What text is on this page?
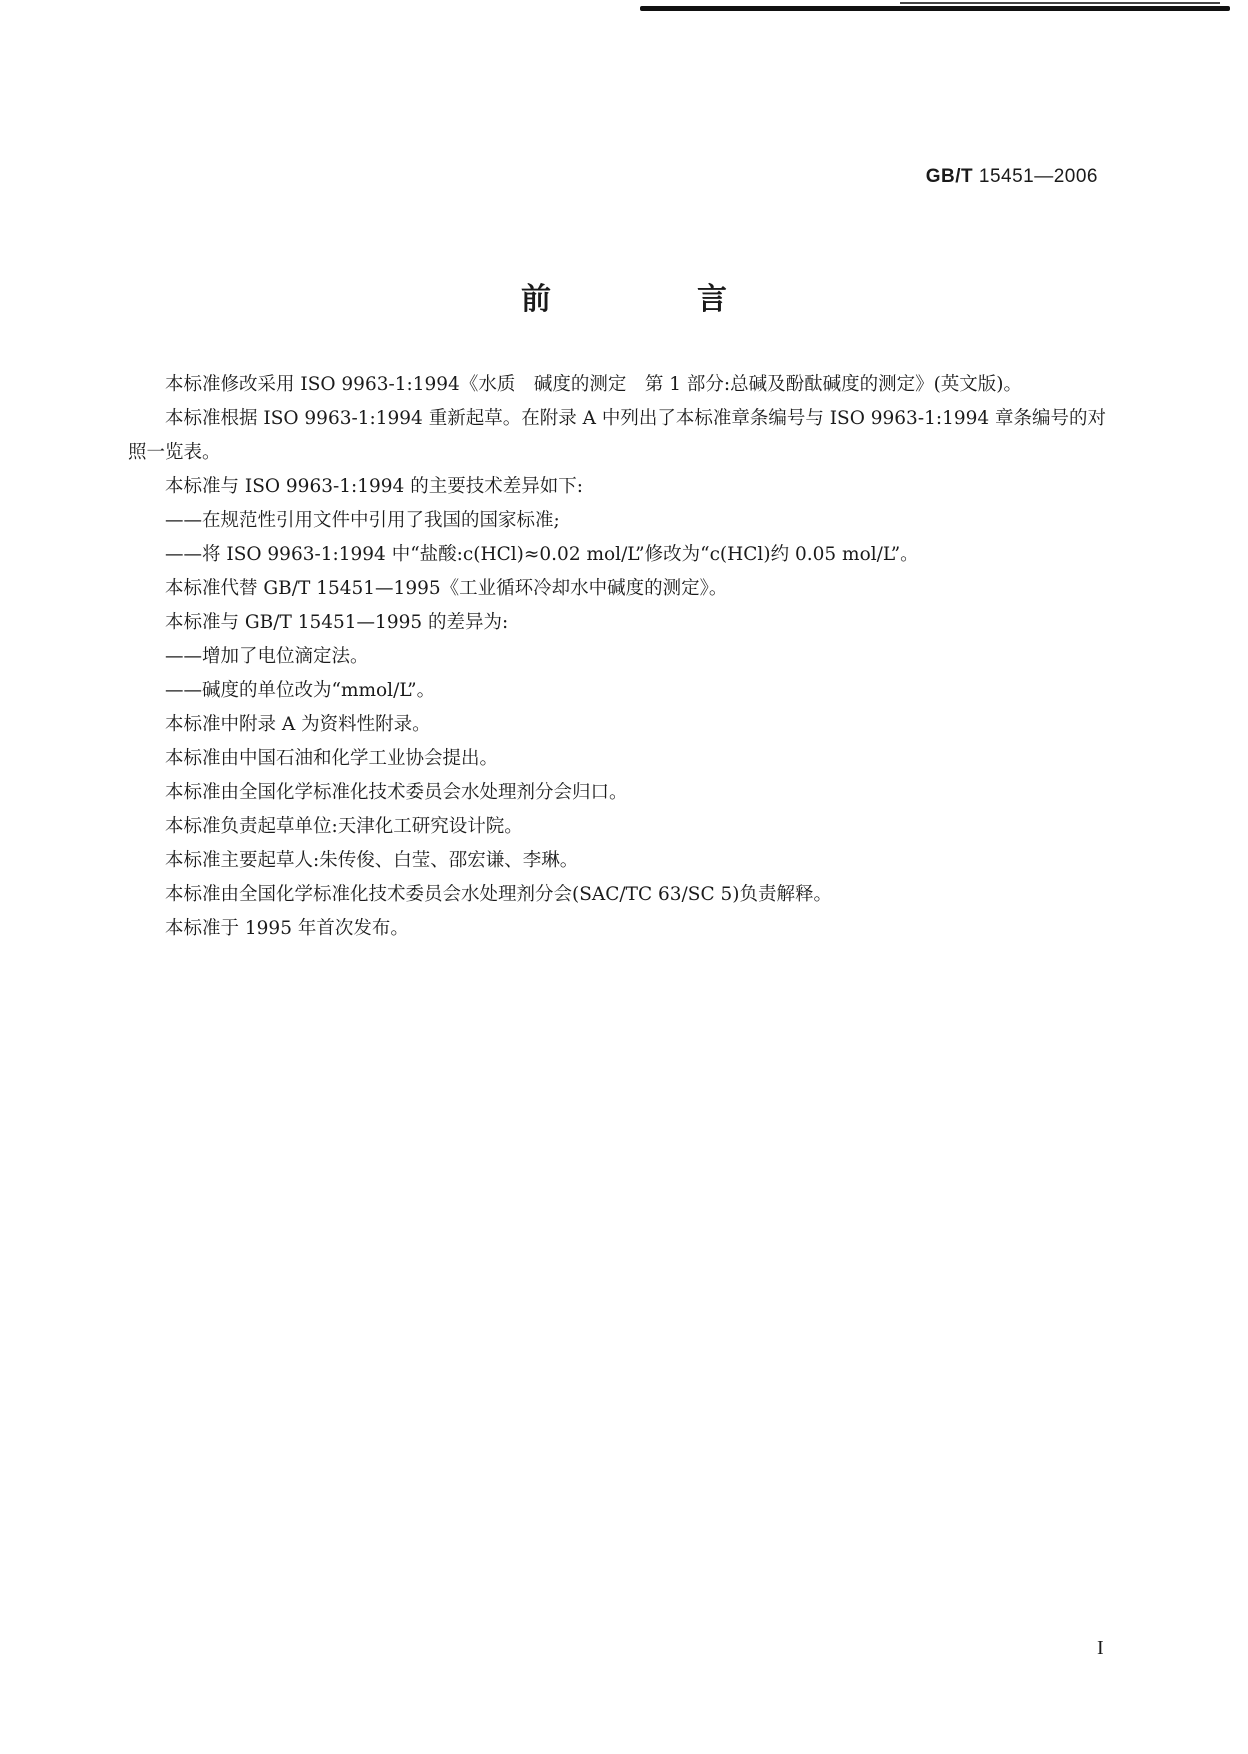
GB/T 15451—2006
前　言

本标准修改采用 ISO 9963-1:1994《水质　碱度的测定　第 1 部分:总碱及酚酞碱度的测定》(英文版)。

本标准根据 ISO 9963-1:1994 重新起草。在附录 A 中列出了本标准章条编号与 ISO 9963-1:1994 章条编号的对照一览表。

本标准与 ISO 9963-1:1994 的主要技术差异如下:

——在规范性引用文件中引用了我国的国家标准;

——将 ISO 9963-1:1994 中“盐酸:c(HCl)≈0.02 mol/L”修改为“c(HCl)约 0.05 mol/L”。

本标准代替 GB/T 15451—1995《工业循环冷却水中碱度的测定》。

本标准与 GB/T 15451—1995 的差异为:

——增加了电位滴定法。

——碱度的单位改为“mmol/L”。

本标准中附录 A 为资料性附录。

本标准由中国石油和化学工业协会提出。

本标准由全国化学标准化技术委员会水处理剂分会归口。

本标准负责起草单位:天津化工研究设计院。

本标准主要起草人:朱传俊、白莹、邵宏谦、李琳。

本标准由全国化学标准化技术委员会水处理剂分会(SAC/TC 63/SC 5)负责解释。

本标准于 1995 年首次发布。

I
